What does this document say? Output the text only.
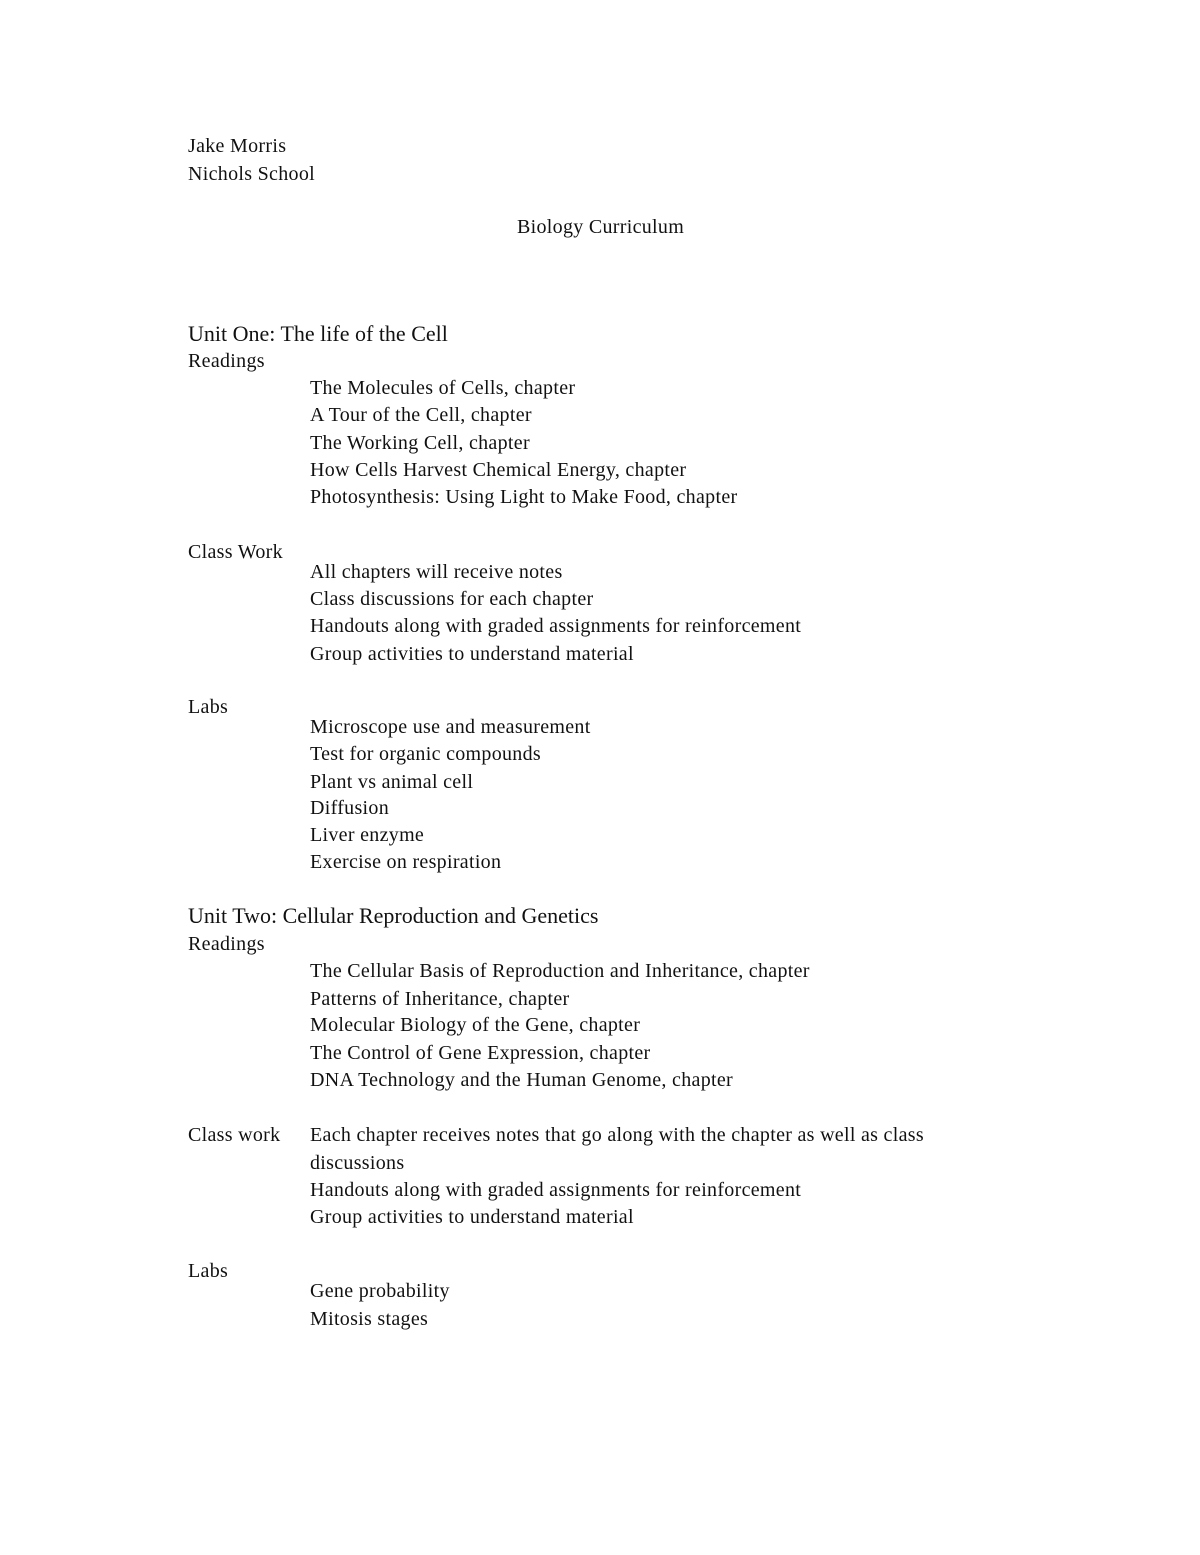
Jake Morris
Nichols School
Biology Curriculum
Unit One: The life of the Cell
Readings
The Molecules of Cells, chapter
A Tour of the Cell, chapter
The Working Cell, chapter
How Cells Harvest Chemical Energy, chapter
Photosynthesis: Using Light to Make Food, chapter
Class Work
All chapters will receive notes
Class discussions for each chapter
Handouts along with graded assignments for reinforcement
Group activities to understand material
Labs
Microscope use and measurement
Test for organic compounds
Plant vs animal cell
Diffusion
Liver enzyme
Exercise on respiration
Unit Two: Cellular Reproduction and Genetics
Readings
The Cellular Basis of Reproduction and Inheritance, chapter
Patterns of Inheritance, chapter
Molecular Biology of the Gene, chapter
The Control of Gene Expression, chapter
DNA Technology and the Human Genome, chapter
Class work Each chapter receives notes that go along with the chapter as well as class
discussions
Handouts along with graded assignments for reinforcement
Group activities to understand material
Labs
Gene probability
Mitosis stages
